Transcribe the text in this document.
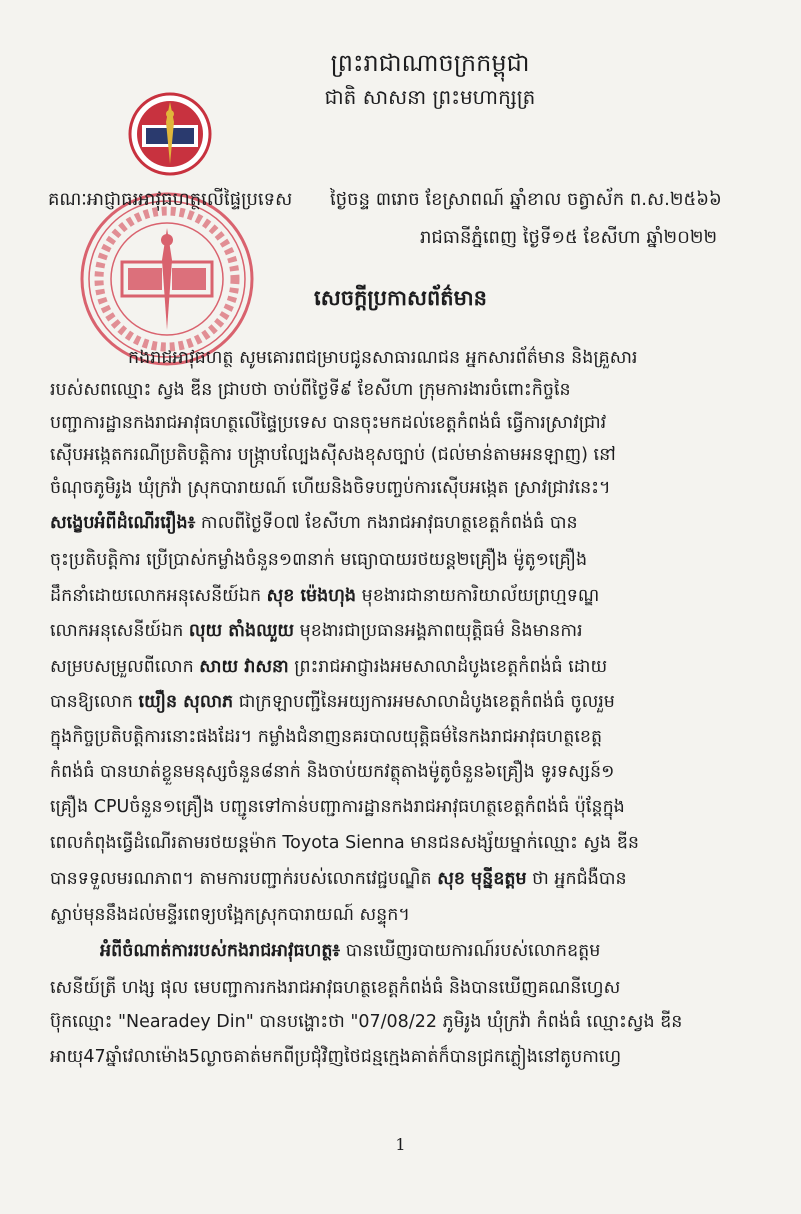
ព្រះរាជាណាចក្រកម្ពុជា
ជាតិ សាសនា ព្រះមហាក្សត្រ
គណៈអាជ្ញាធរអាវុធហត្ថលើផ្ទៃប្រទេស ថ្ងៃចន្ទ ៣រោច ខែស្រាពណ៍ ឆ្នាំខាល ចត្វាស័ក ព.ស.២៥៦៦
រាជធានីភ្នំពេញ ថ្ងៃទី១៥ ខែសីហា ឆ្នាំ២០២២
សេចក្តីប្រកាសព័ត៌មាន
កងរាជអាវុធហត្ថ សូមគោរពជម្រាបជូនសាធារណជន អ្នកសារព័ត៌មាន និងគ្រួសារ
របស់សពឈ្មោះ ស្វង ឌីន ជ្រាបថា ចាប់ពីថ្ងៃទី៩ ខែសីហា ក្រុមការងារចំពោះកិច្ចនៃ
បញ្ជាការដ្ឋានកងរាជអាវុធហត្ថលើផ្ទៃប្រទេស បានចុះមកដល់ខេត្តកំពង់ធំ ធ្វើការស្រាវជ្រាវ
ស៊ើបអង្កេតករណីប្រតិបត្តិការ បង្រ្កាបល្បែងស៊ីសងខុសច្បាប់ (ជល់មាន់តាមអនឡាញ) នៅ
ចំណុចភូមិរូង ឃុំក្រវ៉ា ស្រុកបារាយណ៍ ហើយនិងចិទបញ្ចប់ការស៊ើបអង្កេត ស្រាវជ្រាវនេះ។
សង្ខេបអំពីដំណើររឿង៖ កាលពីថ្ងៃទី០៧ ខែសីហា កងរាជអាវុធហត្ថខេត្តកំពង់ធំ បាន
ចុះប្រតិបត្តិការ ប្រើប្រាស់កម្លាំងចំនួន១៣នាក់ មធ្យោបាយរថយន្ត២គ្រឿង ម៉ូតូ១គ្រឿង
ដឹកនាំដោយលោកអនុសេនីយ៍ឯក សុខ ម៉េងហុង មុខងារជានាយការិយាល័យព្រហ្មទណ្ឌ
លោកអនុសេនីយ៍ឯក លុយ តាំងឈួយ មុខងារជាប្រធានអង្គភាពយុត្តិធម៌ និងមានការ
សម្របសម្រួលពីលោក សាយ វាសនា ព្រះរាជអាជ្ញារងអមសាលាដំបូងខេត្តកំពង់ធំ ដោយ
បានឱ្យលោក យឿន សុលាភ ជាក្រឡាបញ្ជីនៃអយ្យការអមសាលាដំបូងខេត្តកំពង់ធំ ចូលរួម
ក្នុងកិច្ចប្រតិបត្តិការនោះផងដែរ។ កម្លាំងជំនាញនគរបាលយុត្តិធម៌នៃកងរាជអាវុធហត្ថខេត្ត
កំពង់ធំ បានឃាត់ខ្លួនមនុស្សចំនួន៨នាក់ និងចាប់យកវត្ថុតាងម៉ូតូចំនួន៦គ្រឿង ទូរទស្សន៍១
គ្រឿង CPUចំនួន១គ្រឿង បញ្ជូនទៅកាន់បញ្ជាការដ្ឋានកងរាជអាវុធហត្ថខេត្តកំពង់ធំ ប៉ុន្តែក្នុង
ពេលកំពុងធ្វើដំណើរតាមរថយន្តម៉ាក Toyota Sienna មានជនសង្ស័យម្នាក់ឈ្មោះ ស្វង ឌីន
បានទទួលមរណភាព។ តាមការបញ្ជាក់របស់លោកវេជ្ជបណ្ឌិត សុខ មុន្នីឧត្តម ថា អ្នកជំងឺបាន
ស្លាប់មុននឹងដល់មន្ទីរពេទ្យបង្អែកស្រុកបារាយណ៍ សន្ទុក។
អំពីចំណាត់ការរបស់កងរាជអាវុធហត្ថ៖ បានឃើញរបាយការណ៍របស់លោកឧត្តម
សេនីយ៍ត្រី ហង្ស ផុល មេបញ្ជាការកងរាជអាវុធហត្ថខេត្តកំពង់ធំ និងបានឃើញគណនីហ្វេស
ប៊ុកឈ្មោះ "Nearadey Din" បានបង្ហោះថា "07/08/22 ភូមិរូង ឃុំក្រវ៉ា កំពង់ធំ ឈ្មោះស្វង ឌីន
អាយុ47ឆ្នាំវេលាម៉ោង5ល្ងាចគាត់មកពីប្រជុំវិញថៃជន្មក្មេងគាត់ក៏បានជ្រកភ្លៀងនៅតូបកាហ្វេ
1
